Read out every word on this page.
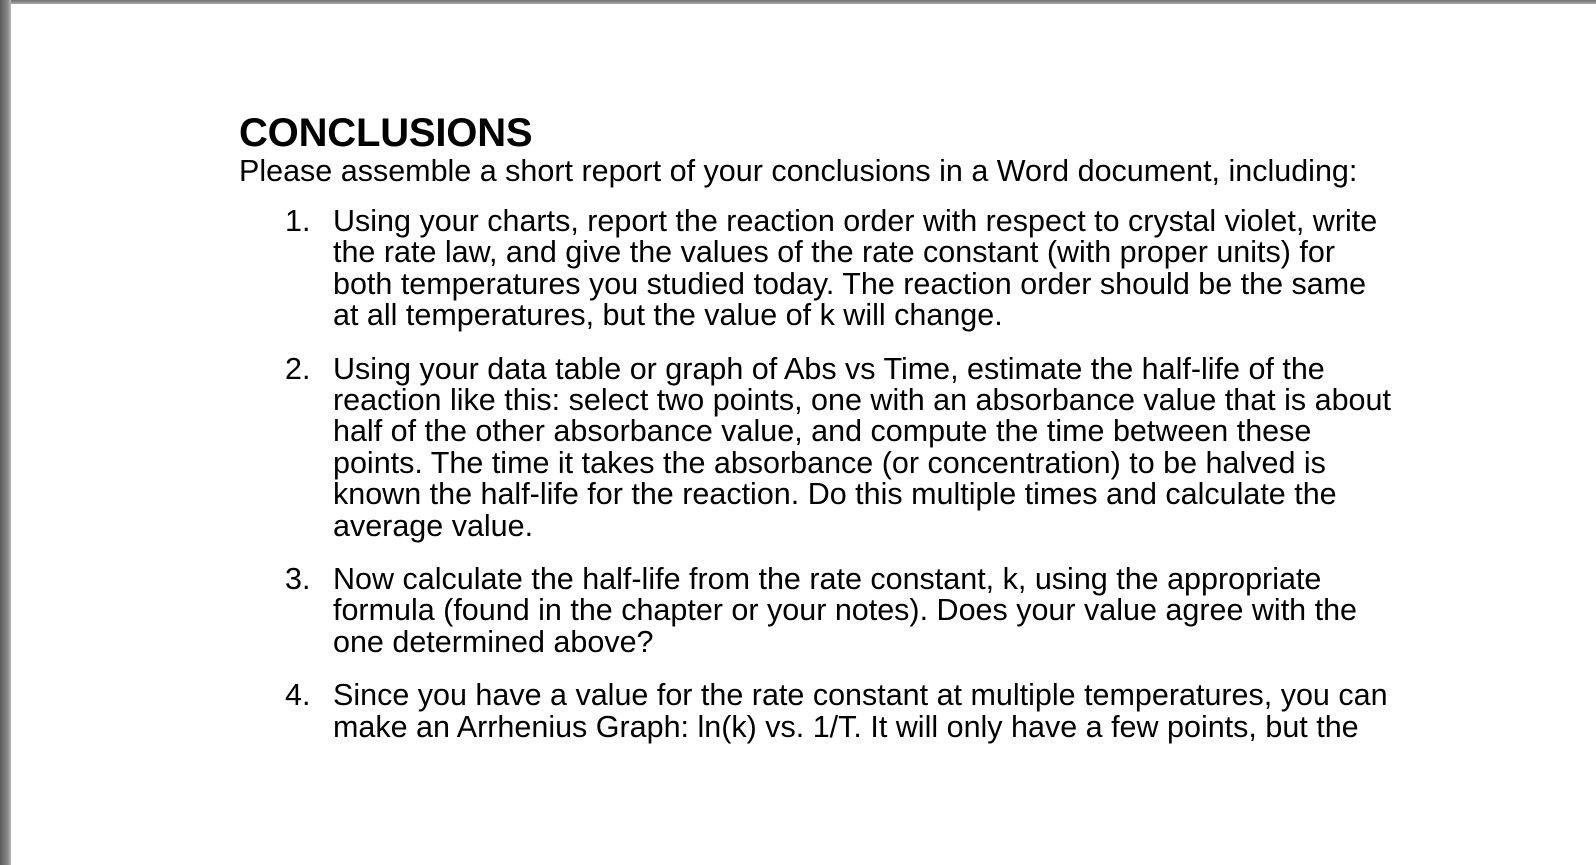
CONCLUSIONS

Please assemble a short report of your conclusions in a Word document, including:

1. Using your charts, report the reaction order with respect to crystal violet, write
the rate law, and give the values of the rate constant (with proper units) for
both temperatures you studied today. The reaction order should be the same
at all temperatures, but the value of k will change.
2. Using your data table or graph of Abs vs Time, estimate the half-life of the
reaction like this: select two points, one with an absorbance value that is about
half of the other absorbance value, and compute the time between these
points. The time it takes the absorbance (or concentration) to be halved is
known the half-life for the reaction. Do this multiple times and calculate the
average value.
3. Now calculate the half-life from the rate constant, k, using the appropriate
formula (found in the chapter or your notes). Does your value agree with the
one determined above?
4. Since you have a value for the rate constant at multiple temperatures, you can
make an Arrhenius Graph: ln(k) vs. 1/T. It will only have a few points, but the
